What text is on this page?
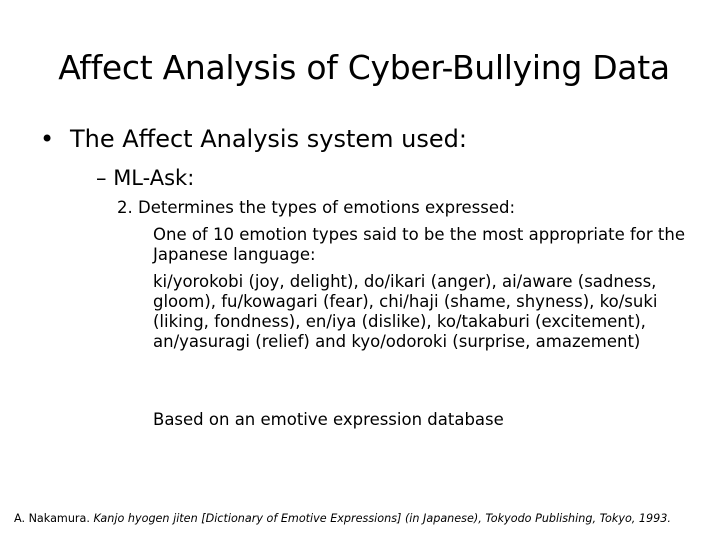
Affect Analysis of Cyber-Bullying Data
• The Affect Analysis system used:
– ML-Ask:
2. Determines the types of emotions expressed:
One of 10 emotion types said to be the most appropriate for the Japanese language:
ki/yorokobi (joy, delight), do/ikari (anger), ai/aware (sadness, gloom), fu/kowagari (fear), chi/haji (shame, shyness), ko/suki (liking, fondness), en/iya (dislike), ko/takaburi (excitement), an/yasuragi (relief) and kyo/odoroki (surprise, amazement)
Based on an emotive expression database
A. Nakamura. Kanjo hyogen jiten [Dictionary of Emotive Expressions] (in Japanese), Tokyodo Publishing, Tokyo, 1993.
